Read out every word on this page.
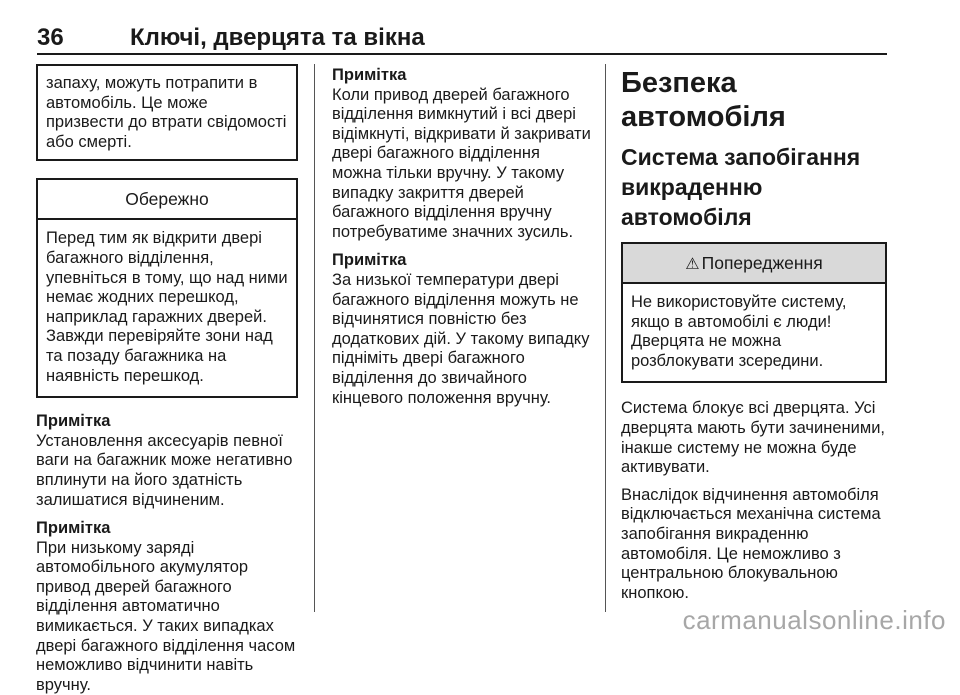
36	Ключі, дверцята та вікна
запаху, можуть потрапити в автомобіль. Це може призвести до втрати свідомості або смерті.
Обережно
Перед тим як відкрити двері багажного відділення, упевніться в тому, що над ними немає жодних перешкод, наприклад гаражних дверей. Завжди перевіряйте зони над та позаду багажника на наявність перешкод.
Примітка
Установлення аксесуарів певної ваги на багажник може негативно вплинути на його здатність залишатися відчиненим.
Примітка
При низькому заряді автомобільного акумулятор привод дверей багажного відділення автоматично вимикається. У таких випадках двері багажного відділення часом неможливо відчинити навіть вручну.
Примітка
Коли привод дверей багажного відділення вимкнутий і всі двері відімкнуті, відкривати й закривати двері багажного відділення можна тільки вручну. У такому випадку закриття дверей багажного відділення вручну потребуватиме значних зусиль.
Примітка
За низької температури двері багажного відділення можуть не відчинятися повністю без додаткових дій. У такому випадку підніміть двері багажного відділення до звичайного кінцевого положення вручну.
Безпека автомобіля
Система запобігання викраденню автомобіля
⚠ Попередження
Не використовуйте систему, якщо в автомобілі є люди! Дверцята не можна розблокувати зсередини.
Система блокує всі дверцята. Усі дверцята мають бути зачиненими, інакше систему не можна буде активувати.
Внаслідок відчинення автомобіля відключається механічна система запобігання викраденню автомобіля. Це неможливо з центральною блокувальною кнопкою.
carmanualsonline.info
